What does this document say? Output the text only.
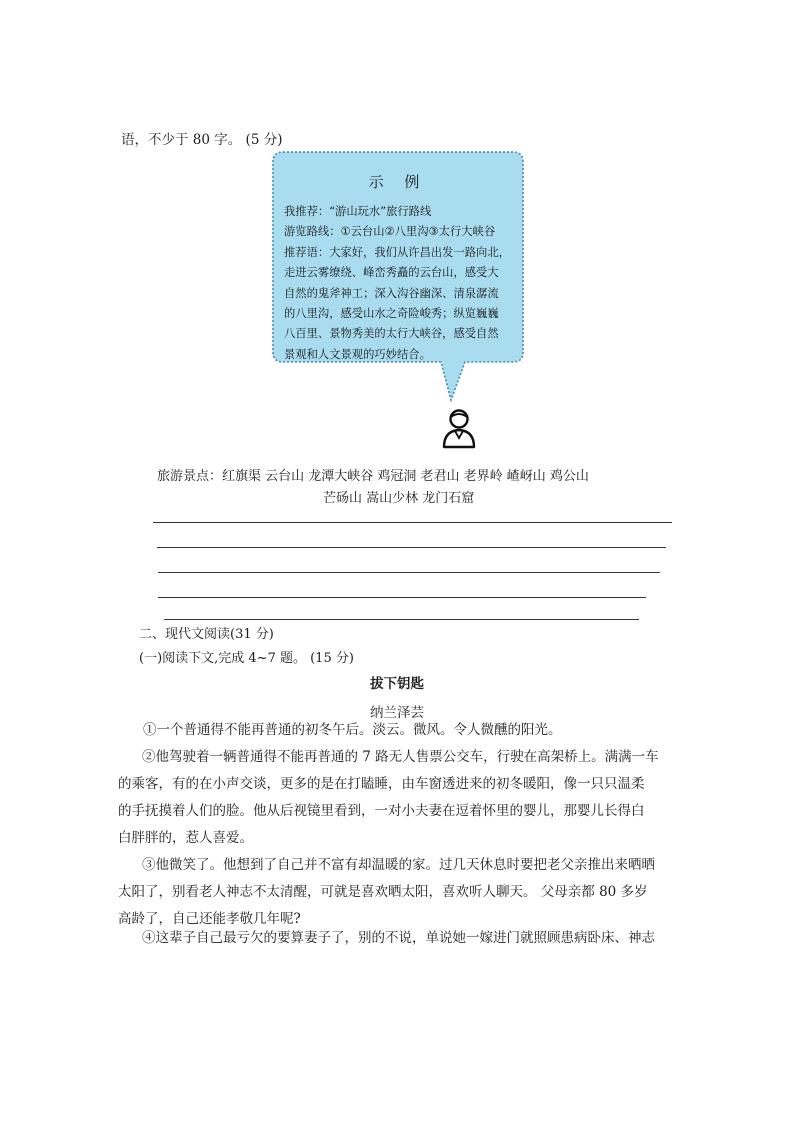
语，不少于 80 字。 (5 分)
示 例
我推荐：“游山玩水”旅行路线
游览路线：①云台山②八里沟③太行大峡谷
推荐语：大家好，我们从许昌出发一路向北，
走进云雾缭绕、峰峦秀矗的云台山，感受大
自然的鬼斧神工；深入沟谷幽深、清泉潺流
的八里沟，感受山水之奇险峻秀；纵览巍巍
八百里、景物秀美的太行大峡谷，感受自然
景观和人文景观的巧妙结合。
旅游景点：红旗渠 云台山 龙潭大峡谷 鸡冠洞 老君山 老界岭 嵖岈山 鸡公山
芒砀山 嵩山少林 龙门石窟
二、现代文阅读(31 分)
(一)阅读下文,完成 4~7 题。 (15 分)
拔下钥匙
纳兰泽芸
①一个普通得不能再普通的初冬午后。淡云。微风。令人微醺的阳光。
②他驾驶着一辆普通得不能再普通的 7 路无人售票公交车，行驶在高架桥上。满满一车
的乘客，有的在小声交谈，更多的是在打瞌睡，由车窗透进来的初冬暖阳，像一只只温柔
的手抚摸着人们的脸。他从后视镜里看到，一对小夫妻在逗着怀里的婴儿，那婴儿长得白
白胖胖的，惹人喜爱。
③他微笑了。他想到了自己并不富有却温暖的家。过几天休息时要把老父亲推出来晒晒
太阳了，别看老人神志不太清醒，可就是喜欢晒太阳，喜欢听人聊天。 父母亲都 80 多岁
高龄了，自己还能孝敬几年呢?
④这辈子自己最亏欠的要算妻子了，别的不说，单说她一嫁进门就照顾患病卧床、神志
